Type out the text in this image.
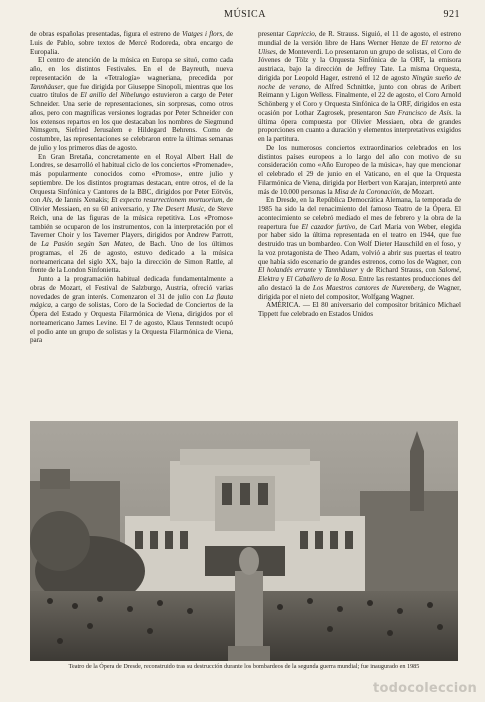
MÚSICA	921

de obras españolas presentadas, figura el estreno de Viatges i flors, de Luis de Pablo, sobre textos de Mercé Rodoreda, obra encargo de Europalia.

El centro de atención de la música en Europa se situó, como cada año, en los distintos Festivales. En el de Bayreuth, nueva representación de la «Tetralogía» wagneriana, precedida por Tannhäuser, que fue dirigida por Giuseppe Sinopoli, mientras que los cuatro títulos de El anillo del Nibelungo estuvieron a cargo de Peter Schneider. Una serie de representaciones, sin sorpresas, como otros años, pero con magníficas versiones logradas por Peter Schneider con los extensos repartos en los que destacaban los nombres de Siegmund Nimsgern, Siefried Jerusalem e Hildegard Behrens. Como de costumbre, las representaciones se celebraron entre la últimas semanas de julio y los primeros días de agosto.

En Gran Bretaña, concretamente en el Royal Albert Hall de Londres, se desarrolló el habitual ciclo de los conciertos «Promenade», más popularmente conocidos como «Promos», entre julio y septiembre. De los distintos programas destacan, entre otros, el de la Orquesta Sinfónica y Cantores de la BBC, dirigidos por Peter Eötvös, con Als, de Iannis Xenakis; Et expecto resurrectionem mortuorium, de Olivier Messiaen, en su 60 aniversario, y The Desert Music, de Steve Reich, una de las figuras de la música repetitiva. Los «Promos» también se ocuparon de los instrumentos, con la interpretación por el Taverner Choir y los Taverner Players, dirigidos por Andrew Parrott, de La Pasión según San Mateo, de Bach. Uno de los últimos programas, el 26 de agosto, estuvo dedicado a la música norteamericana del siglo XX, bajo la dirección de Simon Rattle, al frente de la London Sinfonietta.

Junto a la programación habitual dedicada fundamentalmente a obras de Mozart, el Festival de Salzburgo, Austria, ofreció varias novedades de gran interés. Comenzaron el 31 de julio con La flauta mágica, a cargo de solistas, Coro de la Sociedad de Conciertos de la Ópera del Estado y Orquesta Filarmónica de Viena, dirigidos por el norteamericano James Levine. El 7 de agosto, Klaus Tennstedt ocupó el podio ante un grupo de solistas y la Orquesta Filarmónica de Viena, para

presentar Capriccio, de R. Strauss. Siguió, el 11 de agosto, el estreno mundial de la versión libre de Hans Werner Henze de El retorno de Ulises, de Monteverdi. Lo presentaron un grupo de solistas, el Coro de Jóvenes de Tölz y la Orquesta Sinfónica de la ORF, la emisora austriaca, bajo la dirección de Jeffrey Tate. La misma Orquesta, dirigida por Leopold Hager, estrenó el 12 de agosto Ningún sueño de noche de verano, de Alfred Schnittke, junto con obras de Aribert Reimann y Ligon Welless. Finalmente, el 22 de agosto, el Coro Arnold Schönberg y el Coro y Orquesta Sinfónica de la ORF, dirigidos en esta ocasión por Lothar Zagrosek, presentaron San Francisco de Asís. la última ópera compuesta por Olivier Messiaen, obra de grandes proporciones en cuanto a duración y elementos interpretativos exigidos en la partitura.

De los numerosos conciertos extraordinarios celebrados en los distintos países europeos a lo largo del año con motivo de su consideración como «Año Europeo de la música», hay que mencionar el celebrado el 29 de junio en el Vaticano, en el que la Orquesta Filarmónica de Viena, dirigida por Herbert von Karajan, interpretó ante más de 10.000 personas la Misa de la Coronación, de Mozart.

En Dresde, en la República Democrática Alemana, la temporada de 1985 ha sido la del renacimiento del famoso Teatro de la Ópera. El acontecimiento se celebró mediado el mes de febrero y la obra de la reapertura fue El cazador furtivo, de Carl Maria von Weber, elegida por haber sido la última representada en el teatro en 1944, que fue destruido tras un bombardeo. Con Wolf Dieter Hauschild en el foso, y la voz protagonista de Theo Adam, volvió a abrir sus puertas el teatro que había sido escenario de grandes estrenos, como los de Wagner, con El holandés errante y Tannhäuser y de Richard Strauss, con Salomé, Elektra y El Caballero de la Rosa. Entre las restantes producciones del año destacó la de Los Maestros cantores de Nuremberg, de Wagner, dirigida por el nieto del compositor, Wolfgang Wagner.

AMÉRICA. — El 80 aniversario del compositor británico Michael Tippett fue celebrado en Estados Unidos

Teatro de la Ópera de Dresde, reconstruido tras su destrucción durante los bombardeos de la segunda guerra mundial; fue inaugurado en 1985
todocoleccion
